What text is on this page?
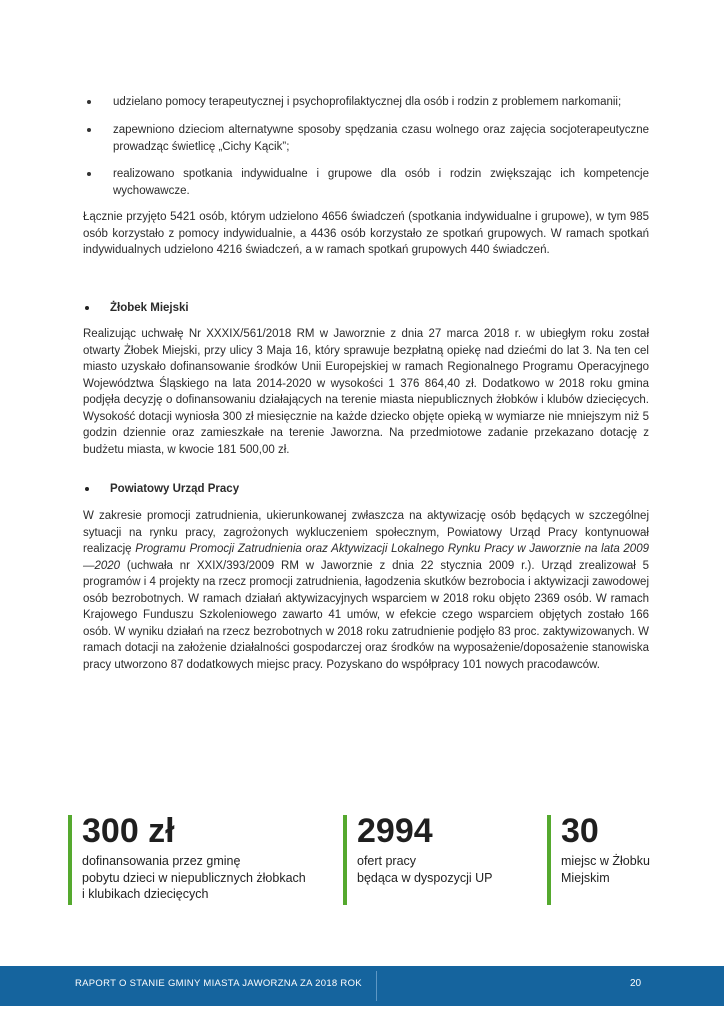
udzielano pomocy terapeutycznej i psychoprofilaktycznej dla osób i rodzin z problemem narkomanii;
zapewniono dzieciom alternatywne sposoby spędzania czasu wolnego oraz zajęcia socjoterapeutyczne prowadząc świetlicę „Cichy Kącik”;
realizowano spotkania indywidualne i grupowe dla osób i rodzin zwiększając ich kompetencje wychowawcze.
Łącznie przyjęto 5421 osób, którym udzielono 4656 świadczeń (spotkania indywidualne i grupowe), w tym 985 osób korzystało z pomocy indywidualnie, a 4436 osób korzystało ze spotkań grupowych. W ramach spotkań indywidualnych udzielono 4216 świadczeń, a w ramach spotkań grupowych 440 świadczeń.
Żłobek Miejski
Realizując uchwałę Nr XXXIX/561/2018 RM w Jaworznie z dnia 27 marca 2018 r. w ubiegłym roku został otwarty Żłobek Miejski, przy ulicy 3 Maja 16, który sprawuje bezpłatną opiekę nad dziećmi do lat 3. Na ten cel miasto uzyskało dofinansowanie środków Unii Europejskiej w ramach Regionalnego Programu Operacyjnego Województwa Śląskiego na lata 2014-2020 w wysokości 1 376 864,40 zł. Dodatkowo w 2018 roku gmina podjęła decyzję o dofinansowaniu działających na terenie miasta niepublicznych żłobków i klubów dziecięcych. Wysokość dotacji wyniosła 300 zł miesięcznie na każde dziecko objęte opieką w wymiarze nie mniejszym niż 5 godzin dziennie oraz zamieszkałe na terenie Jaworzna. Na przedmiotowe zadanie przekazano dotację z budżetu miasta, w kwocie 181 500,00 zł.
Powiatowy Urząd Pracy
W zakresie promocji zatrudnienia, ukierunkowanej zwłaszcza na aktywizację osób będących w szczególnej sytuacji na rynku pracy, zagrożonych wykluczeniem społecznym, Powiatowy Urząd Pracy kontynuował realizację Programu Promocji Zatrudnienia oraz Aktywizacji Lokalnego Rynku Pracy w Jaworznie na lata 2009—2020 (uchwała nr XXIX/393/2009 RM w Jaworznie z dnia 22 stycznia 2009 r.). Urząd zrealizował 5 programów i 4 projekty na rzecz promocji zatrudnienia, łagodzenia skutków bezrobocia i aktywizacji zawodowej osób bezrobotnych. W ramach działań aktywizacyjnych wsparciem w 2018 roku objęto 2369 osób. W ramach Krajowego Funduszu Szkoleniowego zawarto 41 umów, w efekcie czego wsparciem objętych zostało 166 osób. W wyniku działań na rzecz bezrobotnych w 2018 roku zatrudnienie podjęło 83 proc. zaktywizowanych. W ramach dotacji na założenie działalności gospodarczej oraz środków na wyposażenie/doposażenie stanowiska pracy utworzono 87 dodatkowych miejsc pracy. Pozyskano do współpracy 101 nowych pracodawców.
300 zł
dofinansowania przez gminę
pobytu dzieci w niepublicznych żłobkach
i klubikach dziecięcych
2994
ofert pracy
będąca w dyspozycji UP
30
miejsc w Żłobku
Miejskim
RAPORT O STANIE GMINY MIASTA JAWORZNA ZA 2018 ROK	20
